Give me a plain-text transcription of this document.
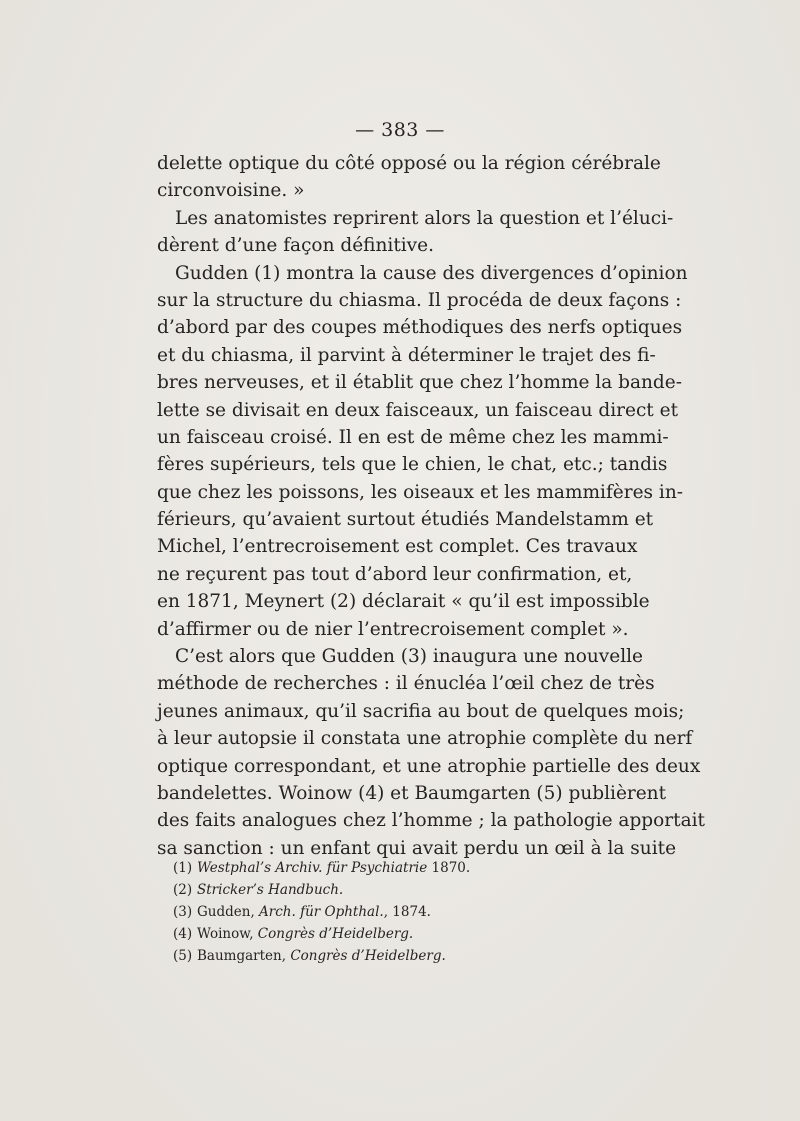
— 383 —
delette optique du côté opposé ou la région cérébrale
circonvoisine. »
Les anatomistes reprirent alors la question et l’éluci-
dèrent d’une façon définitive.
Gudden (1) montra la cause des divergences d’opinion
sur la structure du chiasma. Il procéda de deux façons :
d’abord par des coupes méthodiques des nerfs optiques
et du chiasma, il parvint à déterminer le trajet des fi-
bres nerveuses, et il établit que chez l’homme la bande-
lette se divisait en deux faisceaux, un faisceau direct et
un faisceau croisé. Il en est de même chez les mammi-
fères supérieurs, tels que le chien, le chat, etc.; tandis
que chez les poissons, les oiseaux et les mammifères in-
férieurs, qu’avaient surtout étudiés Mandelstamm et
Michel, l’entrecroisement est complet. Ces travaux
ne reçurent pas tout d’abord leur confirmation, et,
en 1871, Meynert (2) déclarait « qu’il est impossible
d’affirmer ou de nier l’entrecroisement complet ».
C’est alors que Gudden (3) inaugura une nouvelle
méthode de recherches : il énucléa l’œil chez de très
jeunes animaux, qu’il sacrifia au bout de quelques mois;
à leur autopsie il constata une atrophie complète du nerf
optique correspondant, et une atrophie partielle des deux
bandelettes. Woinow (4) et Baumgarten (5) publièrent
des faits analogues chez l’homme ; la pathologie apportait
sa sanction : un enfant qui avait perdu un œil à la suite
(1) Westphal’s Archiv. für Psychiatrie 1870.
(2) Stricker’s Handbuch.
(3) Gudden, Arch. für Ophthal., 1874.
(4) Woinow, Congrès d’Heidelberg.
(5) Baumgarten, Congrès d’Heidelberg.
